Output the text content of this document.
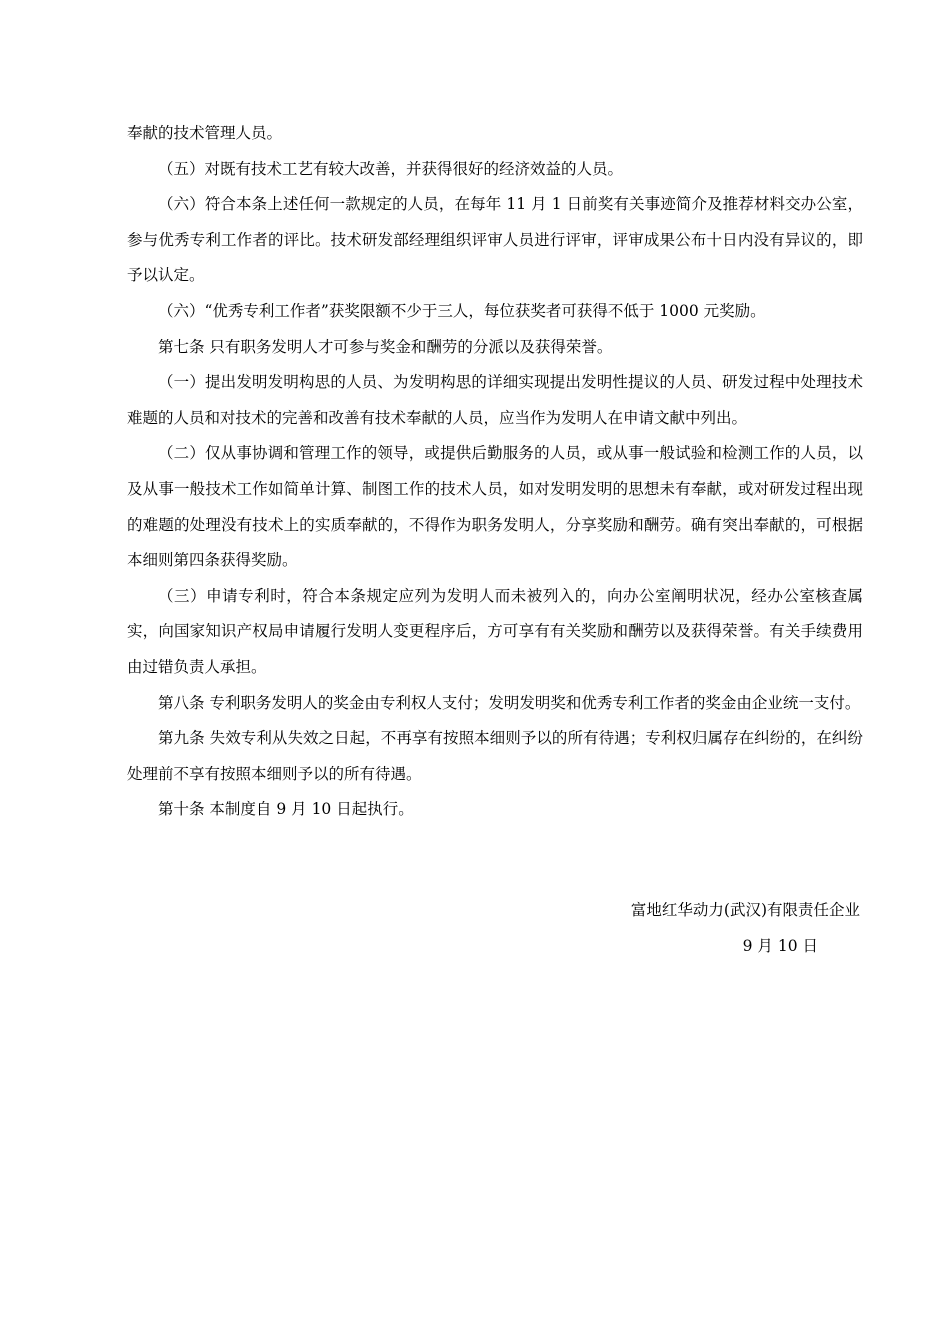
奉献的技术管理人员。

（五）对既有技术工艺有较大改善，并获得很好的经济效益的人员。

（六）符合本条上述任何一款规定的人员，在每年 11 月 1 日前奖有关事迹简介及推荐材料交办公室，参与优秀专利工作者的评比。技术研发部经理组织评审人员进行评审，评审成果公布十日内没有异议的，即予以认定。

（六）“优秀专利工作者”获奖限额不少于三人，每位获奖者可获得不低于 1000 元奖励。

第七条 只有职务发明人才可参与奖金和酬劳的分派以及获得荣誉。

（一）提出发明发明构思的人员、为发明构思的详细实现提出发明性提议的人员、研发过程中处理技术难题的人员和对技术的完善和改善有技术奉献的人员，应当作为发明人在申请文献中列出。

（二）仅从事协调和管理工作的领导，或提供后勤服务的人员，或从事一般试验和检测工作的人员，以及从事一般技术工作如简单计算、制图工作的技术人员，如对发明发明的思想未有奉献，或对研发过程出现的难题的处理没有技术上的实质奉献的，不得作为职务发明人，分享奖励和酬劳。确有突出奉献的，可根据本细则第四条获得奖励。

（三）申请专利时，符合本条规定应列为发明人而未被列入的，向办公室阐明状况，经办公室核查属实，向国家知识产权局申请履行发明人变更程序后，方可享有有关奖励和酬劳以及获得荣誉。有关手续费用由过错负责人承担。

第八条 专利职务发明人的奖金由专利权人支付；发明发明奖和优秀专利工作者的奖金由企业统一支付。

第九条 失效专利从失效之日起，不再享有按照本细则予以的所有待遇；专利权归属存在纠纷的，在纠纷处理前不享有按照本细则予以的所有待遇。

第十条 本制度自 9 月 10 日起执行。

富地红华动力(武汉)有限责任企业

9 月 10 日
